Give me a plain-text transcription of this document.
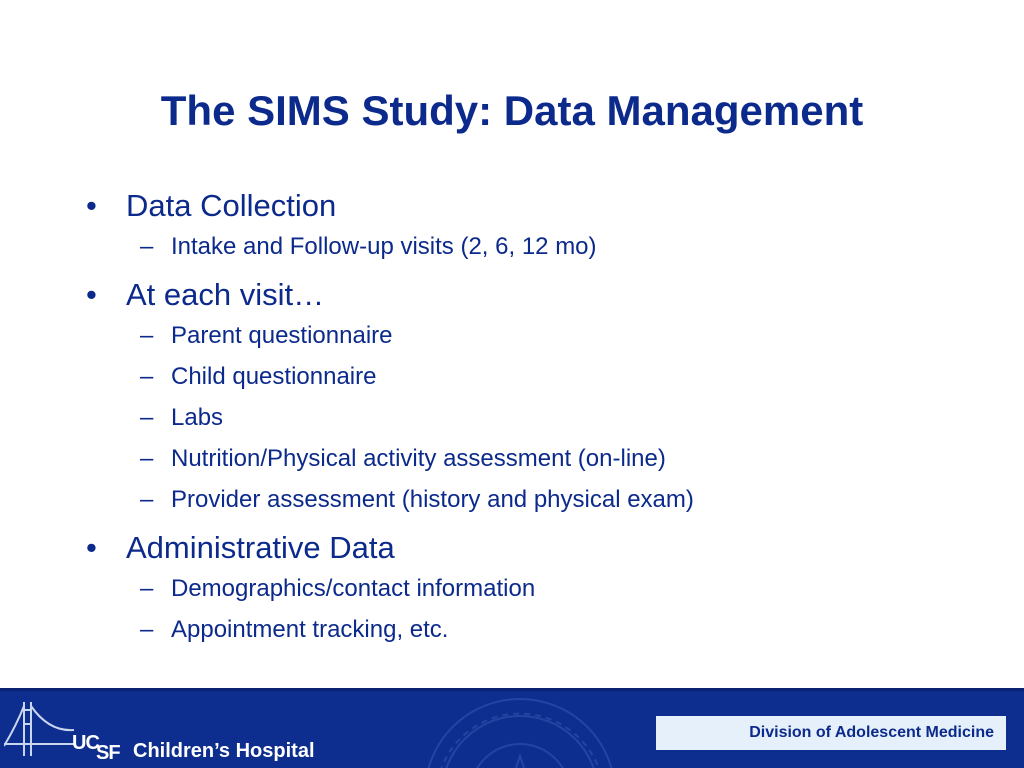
The SIMS Study: Data Management
• Data Collection
– Intake and Follow-up visits (2, 6, 12 mo)
• At each visit…
– Parent questionnaire
– Child questionnaire
– Labs
– Nutrition/Physical activity assessment (on-line)
– Provider assessment (history and physical exam)
• Administrative Data
– Demographics/contact information
– Appointment tracking, etc.
UC
SF Children’s Hospital
Division of Adolescent Medicine
